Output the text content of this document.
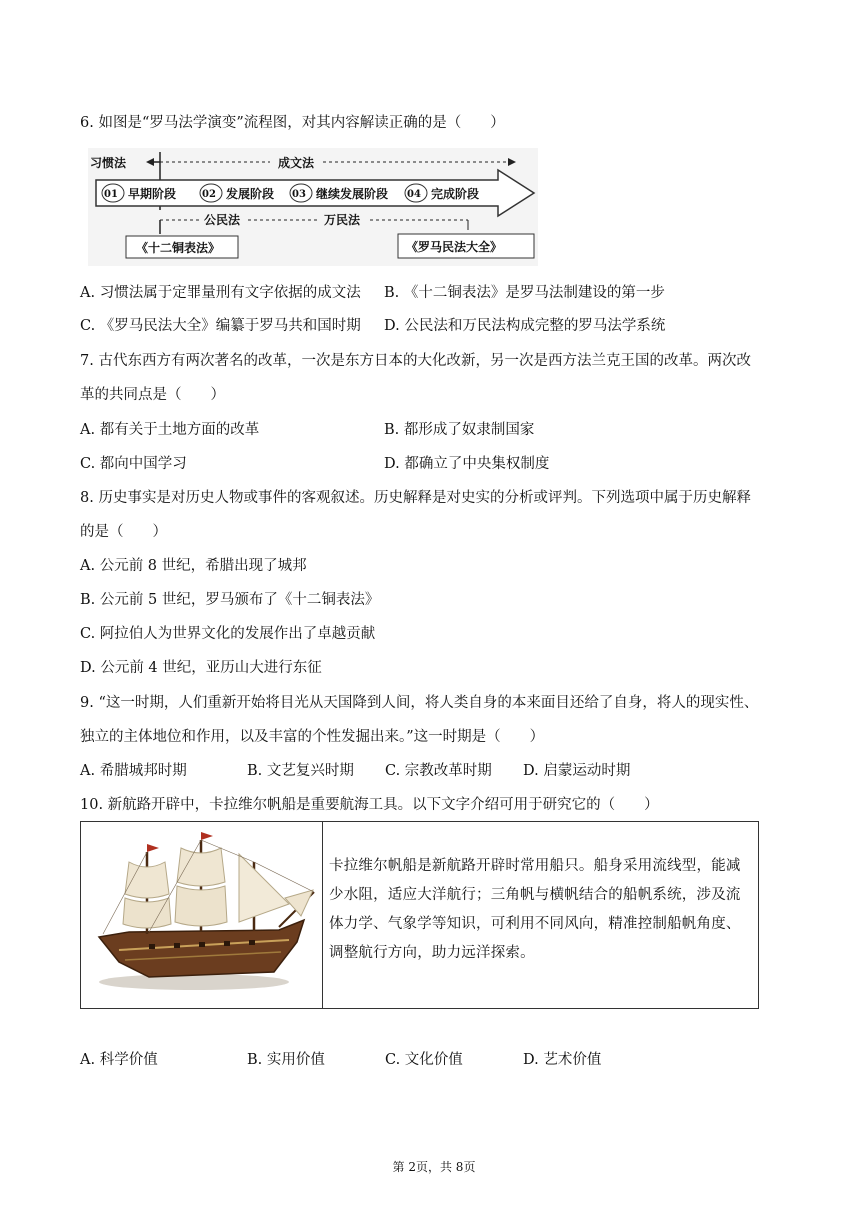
6. 如图是“罗马法学演变”流程图，对其内容解读正确的是（　　）
习惯法	成文法
01 早期阶段	02 发展阶段 03 继续发展阶段 04 完成阶段
公民法	万民法
《十二铜表法》	《罗马民法大全》
A. 习惯法属于定罪量刑有文字依据的成文法 B. 《十二铜表法》是罗马法制建设的第一步
C. 《罗马民法大全》编纂于罗马共和国时期 D. 公民法和万民法构成完整的罗马法学系统
7. 古代东西方有两次著名的改革，一次是东方日本的大化改新，另一次是西方法兰克王国的改革。两次改
革的共同点是（　　）
A. 都有关于土地方面的改革	B. 都形成了奴隶制国家
C. 都向中国学习	D. 都确立了中央集权制度
8. 历史事实是对历史人物或事件的客观叙述。历史解释是对史实的分析或评判。下列选项中属于历史解释
的是（　　）
A. 公元前 8 世纪，希腊出现了城邦
B. 公元前 5 世纪，罗马颁布了《十二铜表法》
C. 阿拉伯人为世界文化的发展作出了卓越贡献
D. 公元前 4 世纪，亚历山大进行东征
9. “这一时期，人们重新开始将目光从天国降到人间，将人类自身的本来面目还给了自身，将人的现实性、
独立的主体地位和作用，以及丰富的个性发掘出来。”这一时期是（　　）
A. 希腊城邦时期	B. 文艺复兴时期 C. 宗教改革时期 D. 启蒙运动时期
10. 新航路开辟中，卡拉维尔帆船是重要航海工具。以下文字介绍可用于研究它的（　　）
卡拉维尔帆船是新航路开辟时常用船只。船身采用流线型，能减少水阻，适应大洋航行；三角帆与横帆结合的船帆系统，涉及流体力学、气象学等知识，可利用不同风向，精准控制船帆角度、调整航行方向，助力远洋探索。
A. 科学价值	B. 实用价值	C. 文化价值	D. 艺术价值
第 2页，共 8页
